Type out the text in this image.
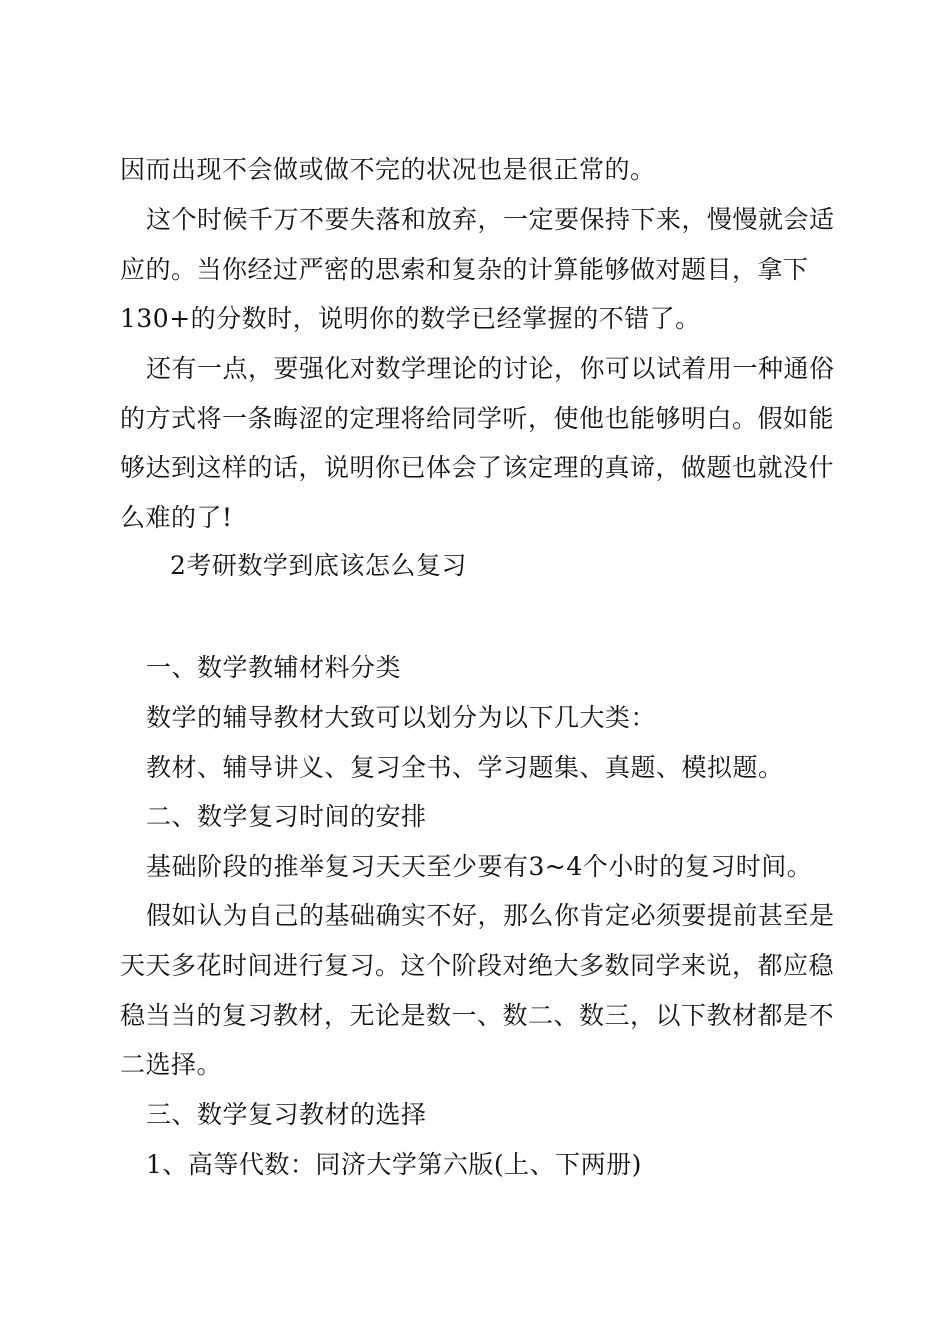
因而出现不会做或做不完的状况也是很正常的。
这个时候千万不要失落和放弃，一定要保持下来，慢慢就会适
应的。当你经过严密的思索和复杂的计算能够做对题目，拿下
130+的分数时，说明你的数学已经掌握的不错了。
还有一点，要强化对数学理论的讨论，你可以试着用一种通俗
的方式将一条晦涩的定理将给同学听，使他也能够明白。假如能
够达到这样的话，说明你已体会了该定理的真谛，做题也就没什
么难的了!
2考研数学到底该怎么复习
一、数学教辅材料分类
数学的辅导教材大致可以划分为以下几大类：
教材、辅导讲义、复习全书、学习题集、真题、模拟题。
二、数学复习时间的安排
基础阶段的推举复习天天至少要有3~4个小时的复习时间。
假如认为自己的基础确实不好，那么你肯定必须要提前甚至是
天天多花时间进行复习。这个阶段对绝大多数同学来说，都应稳
稳当当的复习教材，无论是数一、数二、数三，以下教材都是不
二选择。
三、数学复习教材的选择
1、高等代数：同济大学第六版(上、下两册)
